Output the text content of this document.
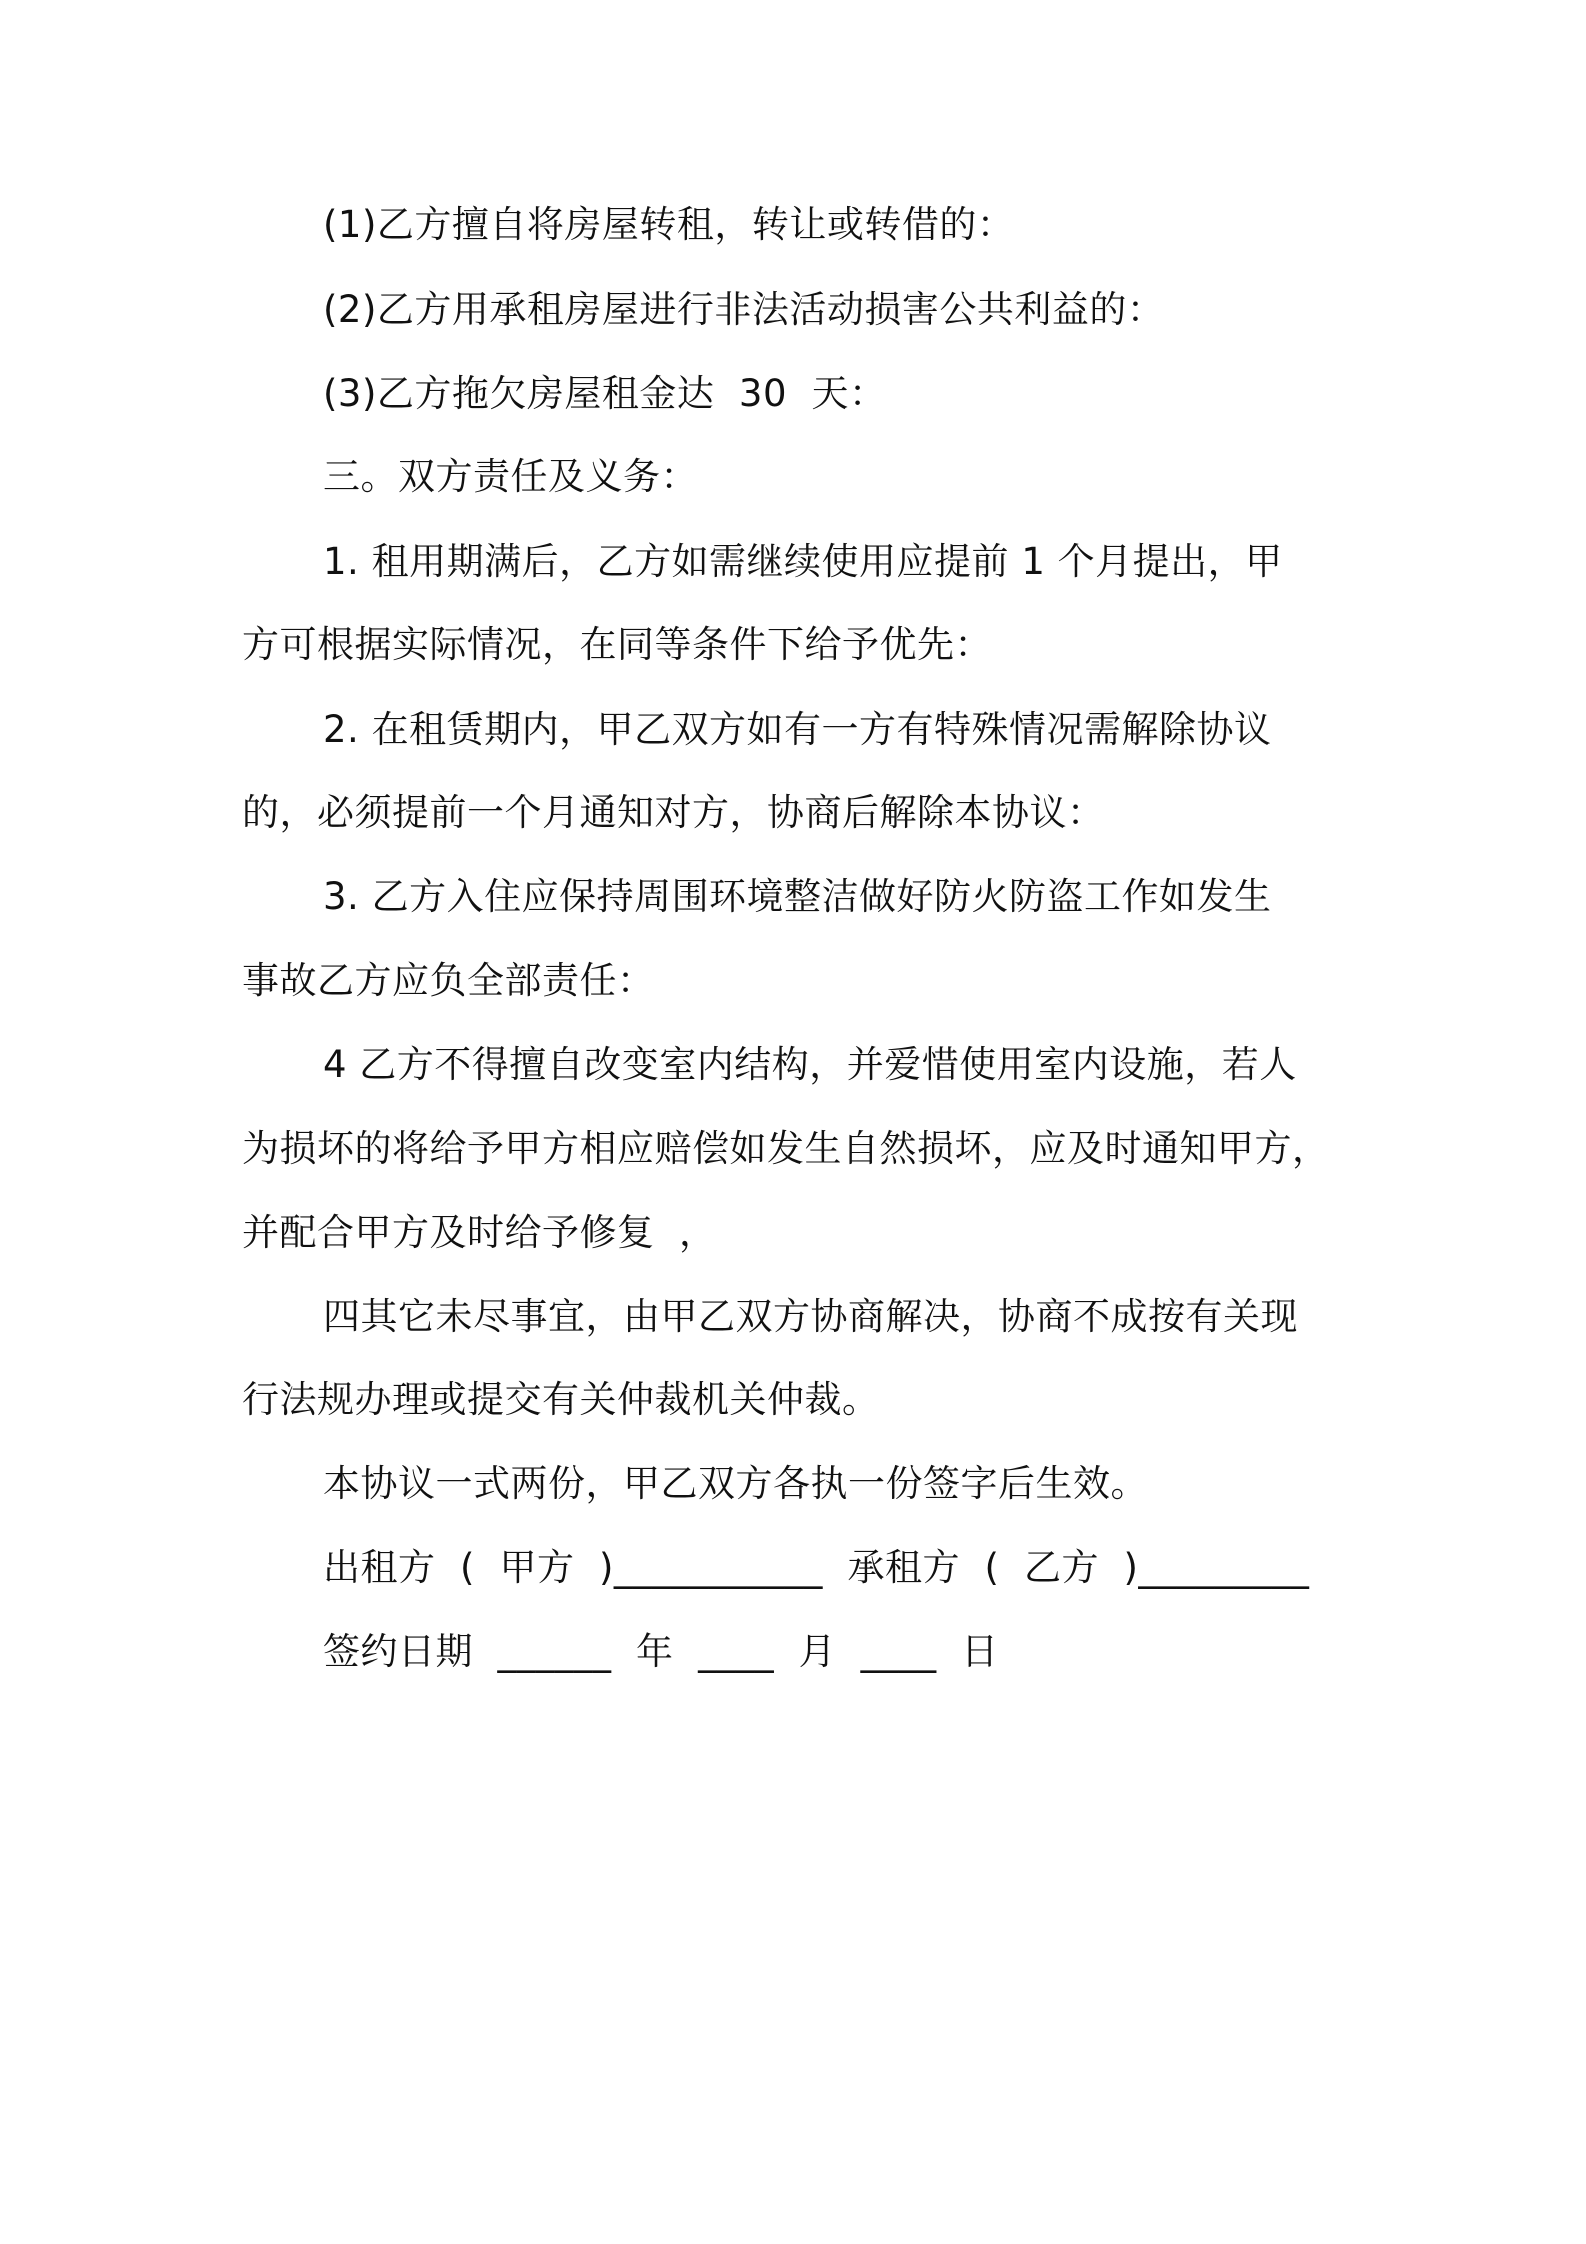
(1)乙方擅自将房屋转租，转让或转借的：
(2)乙方用承租房屋进行非法活动损害公共利益的：
(3)乙方拖欠房屋租金达  30  天：
三。双方责任及义务：
1. 租用期满后，乙方如需继续使用应提前 1 个月提出，甲
方可根据实际情况，在同等条件下给予优先：
2. 在租赁期内，甲乙双方如有一方有特殊情况需解除协议
的，必须提前一个月通知对方，协商后解除本协议：
3. 乙方入住应保持周围环境整洁做好防火防盗工作如发生
事故乙方应负全部责任：
4 乙方不得擅自改变室内结构，并爱惜使用室内设施，若人
为损坏的将给予甲方相应赔偿如发生自然损坏，应及时通知甲方，
并配合甲方及时给予修复  ，
四其它未尽事宜，由甲乙双方协商解决，协商不成按有关现
行法规办理或提交有关仲裁机关仲裁。
本协议一式两份，甲乙双方各执一份签字后生效。
出租方  (  甲方  )___________  承租方  (  乙方  )_________
签约日期  ______  年  ____  月  ____  日
